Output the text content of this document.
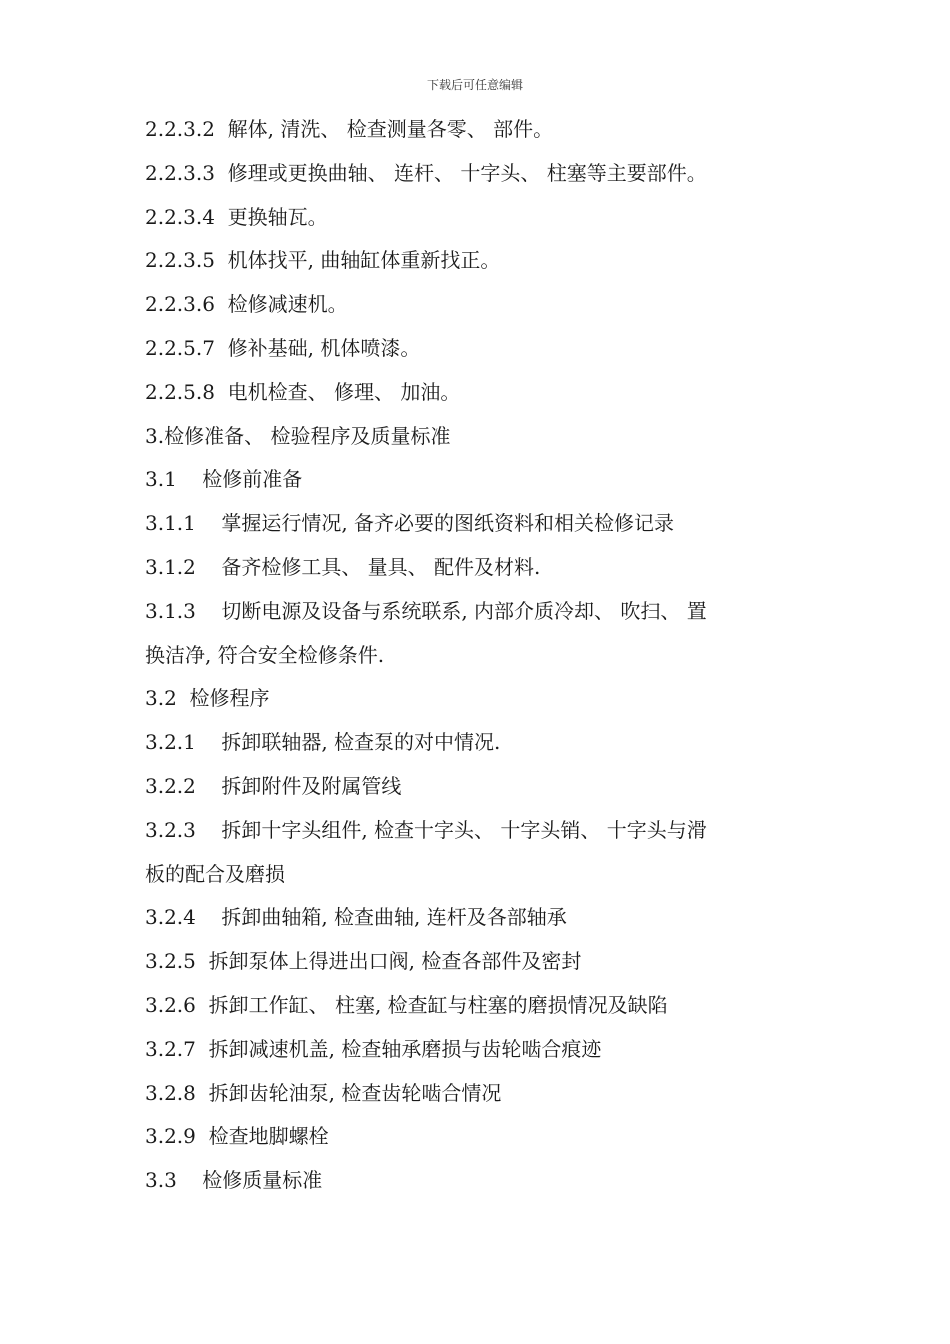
下载后可任意编辑
2.2.3.2  解体, 清洗、 检查测量各零、 部件。
2.2.3.3  修理或更换曲轴、 连杆、 十字头、 柱塞等主要部件。
2.2.3.4  更换轴瓦。
2.2.3.5  机体找平, 曲轴缸体重新找正。
2.2.3.6  检修减速机。
2.2.5.7  修补基础, 机体喷漆。
2.2.5.8  电机检查、 修理、 加油。
3.检修准备、 检验程序及质量标准
3.1    检修前准备
3.1.1    掌握运行情况, 备齐必要的图纸资料和相关检修记录
3.1.2    备齐检修工具、 量具、 配件及材料.
3.1.3    切断电源及设备与系统联系, 内部介质冷却、 吹扫、 置
换洁净, 符合安全检修条件.
3.2  检修程序
3.2.1    拆卸联轴器, 检查泵的对中情况.
3.2.2    拆卸附件及附属管线
3.2.3    拆卸十字头组件, 检查十字头、 十字头销、 十字头与滑
板的配合及磨损
3.2.4    拆卸曲轴箱, 检查曲轴, 连杆及各部轴承
3.2.5  拆卸泵体上得进出口阀, 检查各部件及密封
3.2.6  拆卸工作缸、 柱塞, 检查缸与柱塞的磨损情况及缺陷
3.2.7  拆卸减速机盖, 检查轴承磨损与齿轮啮合痕迹
3.2.8  拆卸齿轮油泵, 检查齿轮啮合情况
3.2.9  检查地脚螺栓
3.3    检修质量标准
